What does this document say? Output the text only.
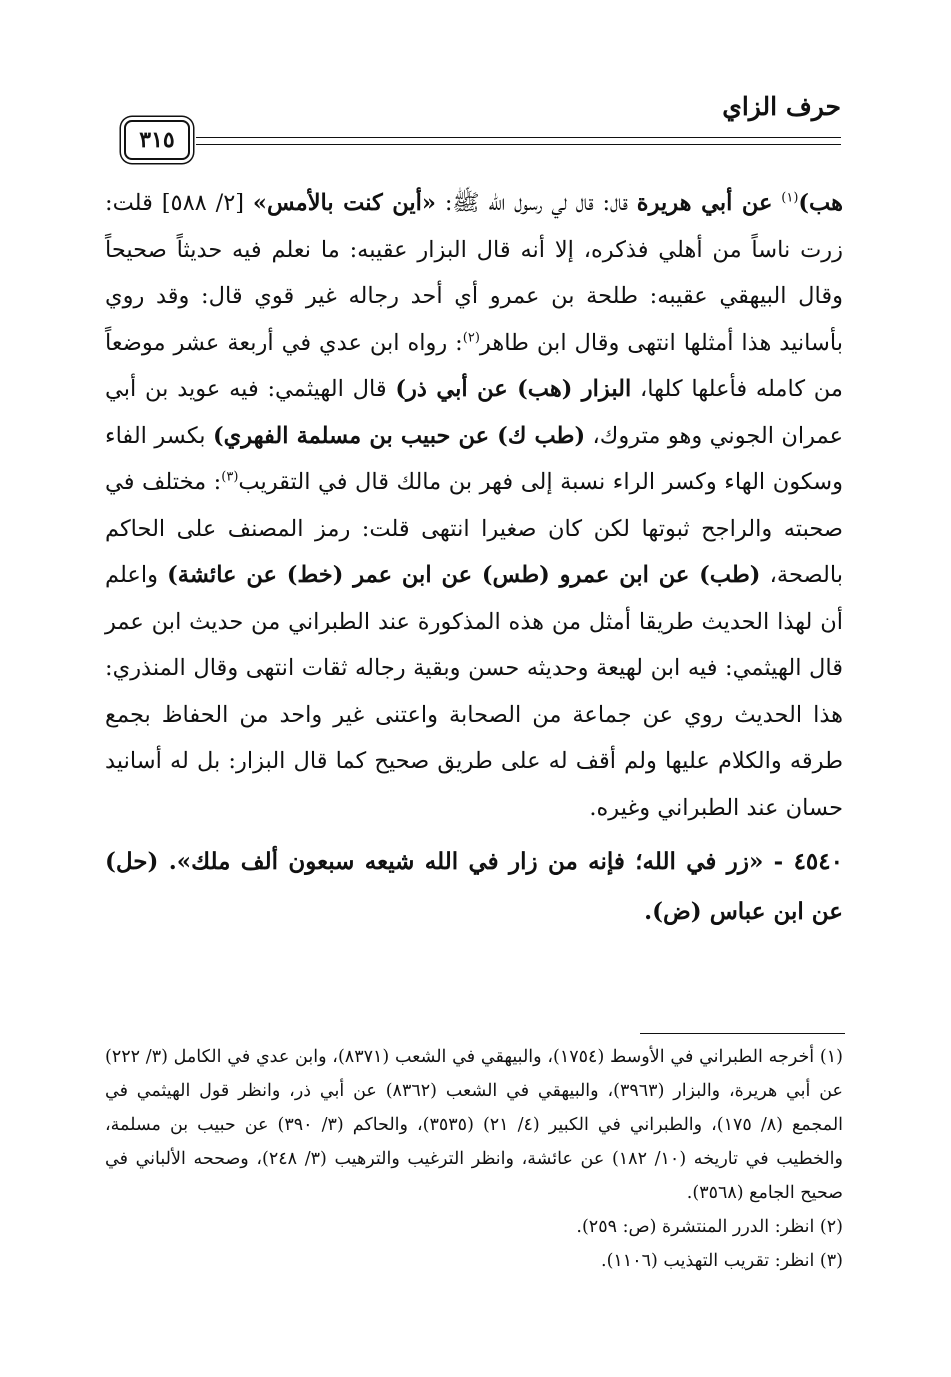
حرف الزاي
٣١٥

هب)$^{(١)}$ عن أبي هريرة قال: قال لي رسول الله ﷺ: «أين كنت بالأمس» [٢/ ٥٨٨] قلت: زرت ناساً من أهلي فذكره، إلا أنه قال البزار عقيبه: ما نعلم فيه حديثاً صحيحاً وقال البيهقي عقيبه: طلحة بن عمرو أي أحد رجاله غير قوي قال: وقد روي بأسانيد هذا أمثلها انتهى وقال ابن طاهر$^{(٢)}$: رواه ابن عدي في أربعة عشر موضعاً من كامله فأعلها كلها، البزار (هب) عن أبي ذر) قال الهيثمي: فيه عويد بن أبي عمران الجوني وهو متروك، (طب ك) عن حبيب بن مسلمة الفهري) بكسر الفاء وسكون الهاء وكسر الراء نسبة إلى فهر بن مالك قال في التقريب$^{(٣)}$: مختلف في صحبته والراجح ثبوتها لكن كان صغيرا انتهى قلت: رمز المصنف على الحاكم بالصحة، (طب) عن ابن عمرو (طس) عن ابن عمر (خط) عن عائشة) واعلم أن لهذا الحديث طريقا أمثل من هذه المذكورة عند الطبراني من حديث ابن عمر قال الهيثمي: فيه ابن لهيعة وحديثه حسن وبقية رجاله ثقات انتهى وقال المنذري: هذا الحديث روي عن جماعة من الصحابة واعتنى غير واحد من الحفاظ بجمع طرقه والكلام عليها ولم أقف له على طريق صحيح كما قال البزار: بل له أسانيد حسان عند الطبراني وغيره.

٤٥٤٠ - «زر في الله؛ فإنه من زار في الله شيعه سبعون ألف ملك». (حل) عن ابن عباس (ض).

(١) أخرجه الطبراني في الأوسط (١٧٥٤)، والبيهقي في الشعب (٨٣٧١)، وابن عدي في الكامل (٣/ ٢٢٢) عن أبي هريرة، والبزار (٣٩٦٣)، والبيهقي في الشعب (٨٣٦٢) عن أبي ذر، وانظر قول الهيثمي في المجمع (٨/ ١٧٥)، والطبراني في الكبير (٤/ ٢١) (٣٥٣٥)، والحاكم (٣/ ٣٩٠) عن حبيب بن مسلمة، والخطيب في تاريخه (١٠/ ١٨٢) عن عائشة، وانظر الترغيب والترهيب (٣/ ٢٤٨)، وصححه الألباني في صحيح الجامع (٣٥٦٨).

(٢) انظر: الدرر المنتشرة (ص: ٢٥٩).

(٣) انظر: تقريب التهذيب (١١٠٦).
